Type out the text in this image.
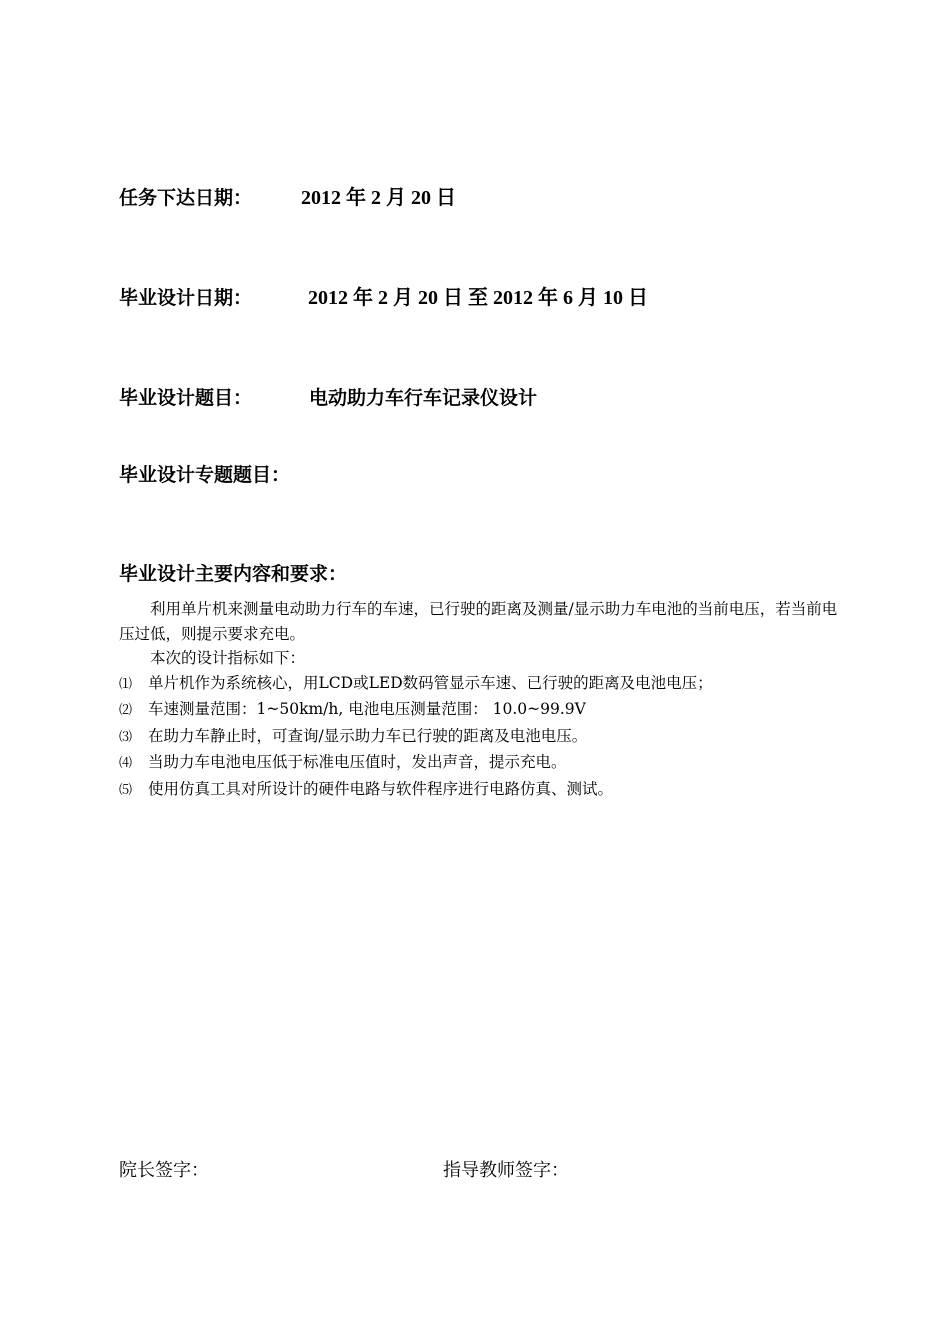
任务下达日期： 2012 年 2 月 20 日
毕业设计日期：	2012 年 2 月 20 日 至 2012 年 6 月 10 日
毕业设计题目：	电动助力车行车记录仪设计
毕业设计专题题目：
毕业设计主要内容和要求：

利用单片机来测量电动助力行车的车速，已行驶的距离及测量/显示助力车电池的当前电压，若当前电压过低，则提示要求充电。

本次的设计指标如下：

⑴ 单片机作为系统核心，用LCD或LED数码管显示车速、已行驶的距离及电池电压；
⑵ 车速测量范围：1~50km/h, 电池电压测量范围： 10.0~99.9V
⑶ 在助力车静止时，可查询/显示助力车已行驶的距离及电池电压。
⑷ 当助力车电池电压低于标准电压值时，发出声音，提示充电。
⑸ 使用仿真工具对所设计的硬件电路与软件程序进行电路仿真、测试。
院长签字：	指导教师签字：
